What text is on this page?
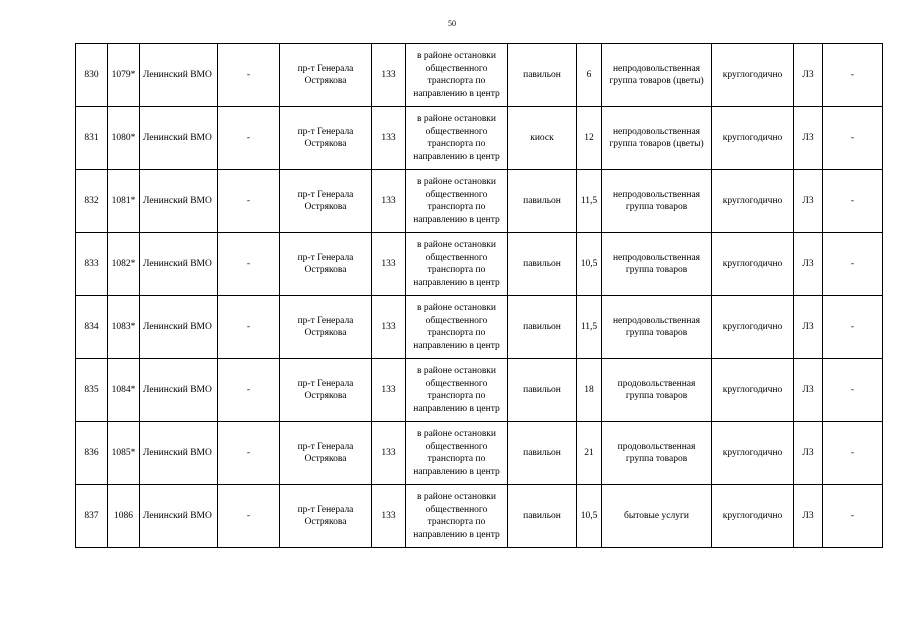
50
830	1079*	Ленинский ВМО	-	пр-т Генерала Острякова	133	в районе остановки общественного транспорта по направлению в центр	павильон	6	непродовольственная группа товаров (цветы)	круглогодично	Л3	-
831	1080*	Ленинский ВМО	-	пр-т Генерала Острякова	133	в районе остановки общественного транспорта по направлению в центр	киоск	12	непродовольственная группа товаров (цветы)	круглогодично	Л3	-
832	1081*	Ленинский ВМО	-	пр-т Генерала Острякова	133	в районе остановки общественного транспорта по направлению в центр	павильон	11,5	непродовольственная группа товаров	круглогодично	Л3	-
833	1082*	Ленинский ВМО	-	пр-т Генерала Острякова	133	в районе остановки общественного транспорта по направлению в центр	павильон	10,5	непродовольственная группа товаров	круглогодично	Л3	-
834	1083*	Ленинский ВМО	-	пр-т Генерала Острякова	133	в районе остановки общественного транспорта по направлению в центр	павильон	11,5	непродовольственная группа товаров	круглогодично	Л3	-
835	1084*	Ленинский ВМО	-	пр-т Генерала Острякова	133	в районе остановки общественного транспорта по направлению в центр	павильон	18	продовольственная группа товаров	круглогодично	Л3	-
836	1085*	Ленинский ВМО	-	пр-т Генерала Острякова	133	в районе остановки общественного транспорта по направлению в центр	павильон	21	продовольственная группа товаров	круглогодично	Л3	-
837	1086	Ленинский ВМО	-	пр-т Генерала Острякова	133	в районе остановки общественного транспорта по направлению в центр	павильон	10,5	бытовые услуги	круглогодично	Л3	-
